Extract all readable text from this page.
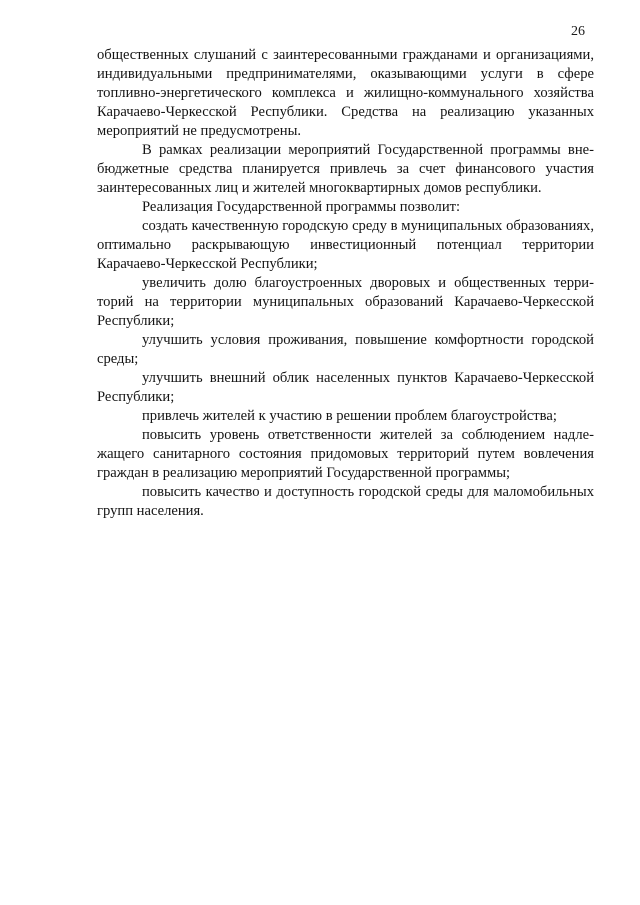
26

общественных слушаний с заинтересованными гражданами и организациями, индивидуальными предпринимателями, оказывающими услуги в сфере топливно-энергетического комплекса и жилищно-коммунального хозяйства Карачаево-Черкесской Республики. Средства на реализацию указанных мероприятий не предусмотрены.

В рамках реализации мероприятий Государственной программы внебюджетные средства планируется привлечь за счет финансового участия заинтересованных лиц и жителей многоквартирных домов республики.

Реализация Государственной программы позволит:

создать качественную городскую среду в муниципальных образованиях, оптимально раскрывающую инвестиционный потенциал территории Карачаево-Черкесской Республики;

увеличить долю благоустроенных дворовых и общественных территорий на территории муниципальных образований Карачаево-Черкесской Республики;

улучшить условия проживания, повышение комфортности городской среды;

улучшить внешний облик населенных пунктов Карачаево-Черкесской Республики;

привлечь жителей к участию в решении проблем благоустройства;

повысить уровень ответственности жителей за соблюдением надлежащего санитарного состояния придомовых территорий путем вовлечения граждан в реализацию мероприятий Государственной программы;

повысить качество и доступность городской среды для маломобильных групп населения.
